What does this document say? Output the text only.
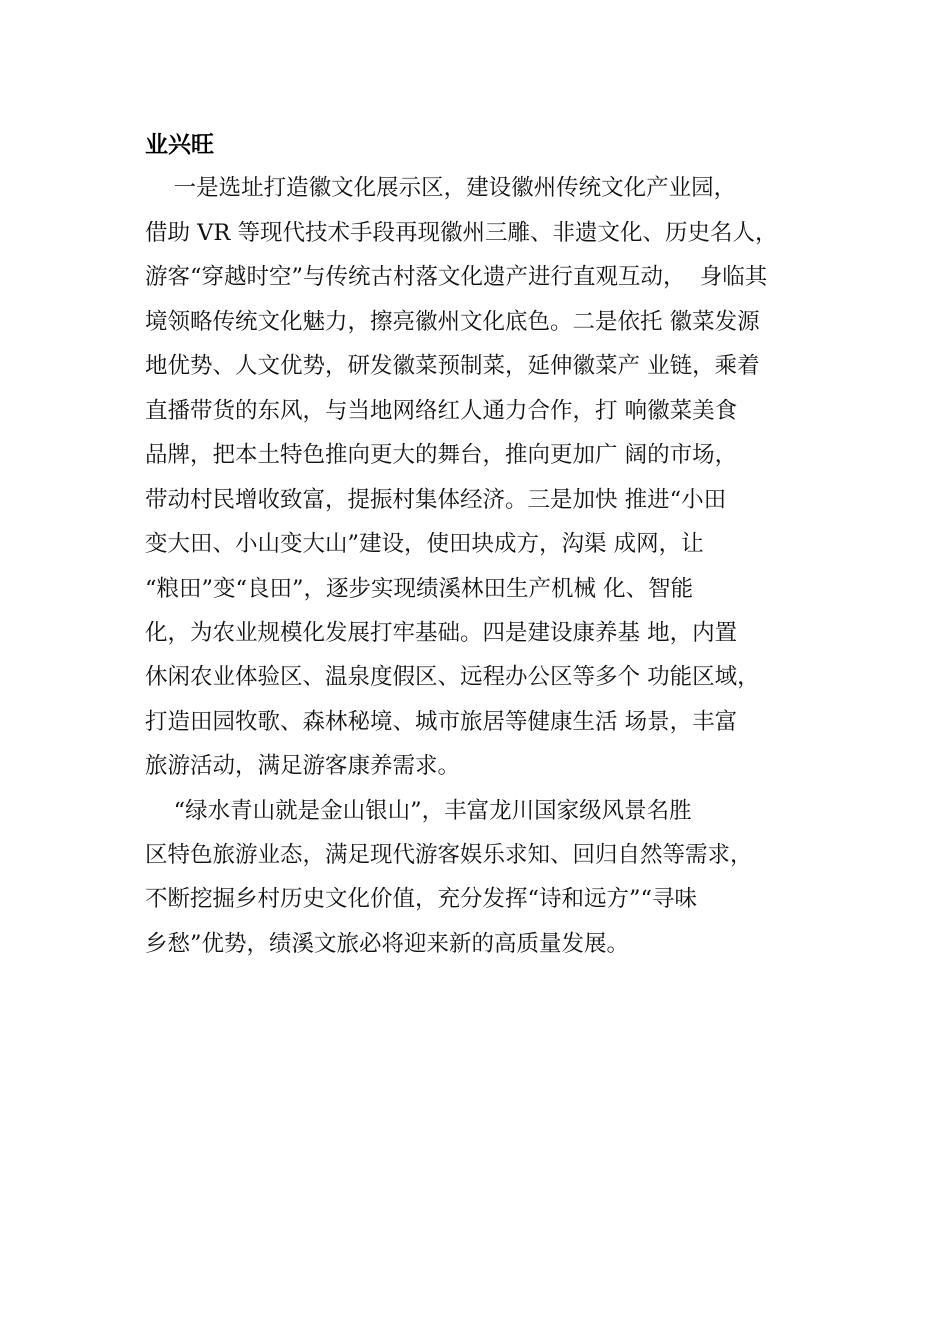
业兴旺
一是选址打造徽文化展示区，建设徽州传统文化产业园，
借助 VR 等现代技术手段再现徽州三雕、非遗文化、历史名人，
游客“穿越时空”与传统古村落文化遗产进行直观互动，  身临其
境领略传统文化魅力，擦亮徽州文化底色。二是依托 徽菜发源
地优势、人文优势，研发徽菜预制菜，延伸徽菜产 业链，乘着
直播带货的东风，与当地网络红人通力合作，打 响徽菜美食
品牌，把本土特色推向更大的舞台，推向更加广 阔的市场，
带动村民增收致富，提振村集体经济。三是加快 推进“小田
变大田、小山变大山”建设，使田块成方，沟渠 成网，让
“粮田”变“良田”，逐步实现绩溪林田生产机械 化、智能
化，为农业规模化发展打牢基础。四是建设康养基 地，内置
休闲农业体验区、温泉度假区、远程办公区等多个 功能区域，
打造田园牧歌、森林秘境、城市旅居等健康生活 场景，丰富
旅游活动，满足游客康养需求。
“绿水青山就是金山银山”，丰富龙川国家级风景名胜
区特色旅游业态，满足现代游客娱乐求知、回归自然等需求，
不断挖掘乡村历史文化价值，充分发挥“诗和远方”“寻味
乡愁”优势，绩溪文旅必将迎来新的高质量发展。
